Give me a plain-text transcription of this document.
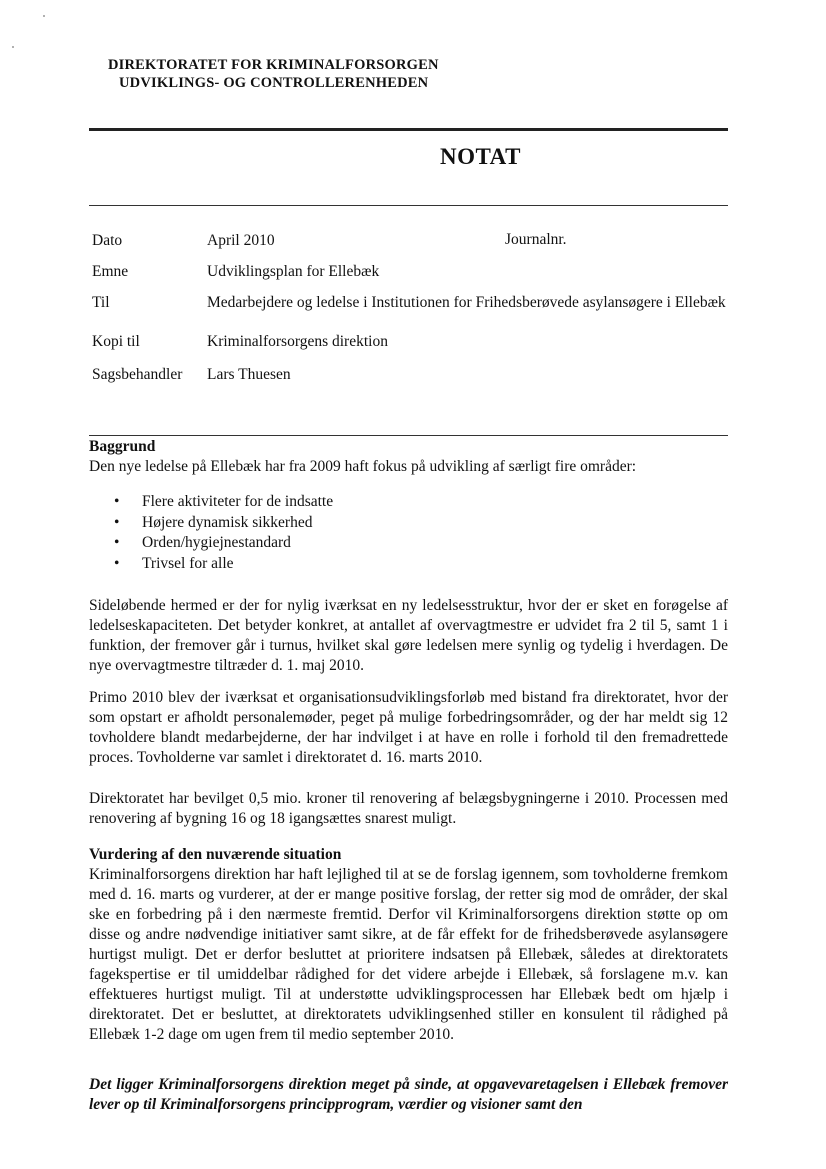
DIREKTORATET FOR KRIMINALFORSORGEN
UDVIKLINGS- OG CONTROLLERENHEDEN
NOTAT
Dato	April 2010	Journalnr.
Emne	Udviklingsplan for Ellebæk
Til	Medarbejdere og ledelse i Institutionen for Frihedsberøvede asylansøgere i Ellebæk
Kopi til	Kriminalforsorgens direktion
Sagsbehandler Lars Thuesen
Baggrund
Den nye ledelse på Ellebæk har fra 2009 haft fokus på udvikling af særligt fire områder:
• Flere aktiviteter for de indsatte
• Højere dynamisk sikkerhed
• Orden/hygiejnestandard
• Trivsel for alle
Sideløbende hermed er der for nylig iværksat en ny ledelsesstruktur, hvor der er sket en forøgelse af ledelseskapaciteten. Det betyder konkret, at antallet af overvagtmestre er udvidet fra 2 til 5, samt 1 i funktion, der fremover går i turnus, hvilket skal gøre ledelsen mere synlig og tydelig i hverdagen. De nye overvagtmestre tiltræder d. 1. maj 2010.
Primo 2010 blev der iværksat et organisationsudviklingsforløb med bistand fra direktoratet, hvor der som opstart er afholdt personalemøder, peget på mulige forbedringsområder, og der har meldt sig 12 tovholdere blandt medarbejderne, der har indvilget i at have en rolle i forhold til den fremadrettede proces. Tovholderne var samlet i direktoratet d. 16. marts 2010.
Direktoratet har bevilget 0,5 mio. kroner til renovering af belægsbygningerne i 2010. Processen med renovering af bygning 16 og 18 igangsættes snarest muligt.
Vurdering af den nuværende situation
Kriminalforsorgens direktion har haft lejlighed til at se de forslag igennem, som tovholderne fremkom med d. 16. marts og vurderer, at der er mange positive forslag, der retter sig mod de områder, der skal ske en forbedring på i den nærmeste fremtid. Derfor vil Kriminalforsorgens direktion støtte op om disse og andre nødvendige initiativer samt sikre, at de får effekt for de frihedsberøvede asylansøgere hurtigst muligt. Det er derfor besluttet at prioritere indsatsen på Ellebæk, således at direktoratets fagekspertise er til umiddelbar rådighed for det videre arbejde i Ellebæk, så forslagene m.v. kan effektueres hurtigst muligt. Til at understøtte udviklingsprocessen har Ellebæk bedt om hjælp i direktoratet. Det er besluttet, at direktoratets udviklingsenhed stiller en konsulent til rådighed på Ellebæk 1-2 dage om ugen frem til medio september 2010.
Det ligger Kriminalforsorgens direktion meget på sinde, at opgavevaretagelsen i Ellebæk fremover lever op til Kriminalforsorgens principprogram, værdier og visioner samt den
